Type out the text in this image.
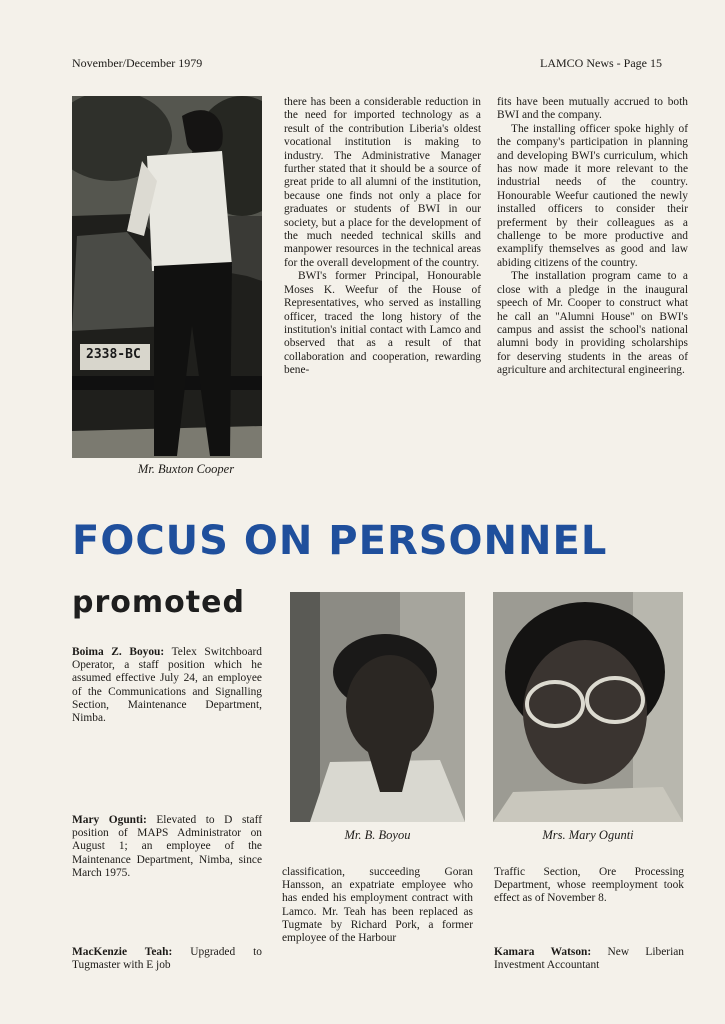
November/December 1979	LAMCO News - Page 15
2338-BC
Mr. Buxton Cooper

there has been a considerable reduction in the need for imported technology as a result of the contribution Liberia's oldest vocational institution is making to industry. The Administrative Manager further stated that it should be a source of great pride to all alumni of the institution, because one finds not only a place for graduates or students of BWI in our society, but a place for the development of the much needed technical skills and manpower resources in the technical areas for the overall development of the country.

BWI's former Principal, Honourable Moses K. Weefur of the House of Representatives, who served as installing officer, traced the long history of the institution's initial contact with Lamco and observed that as a result of that collaboration and cooperation, rewarding bene-

fits have been mutually accrued to both BWI and the company.

The installing officer spoke highly of the company's participation in planning and developing BWI's curriculum, which has now made it more relevant to the industrial needs of the country. Honourable Weefur cautioned the newly installed officers to consider their preferment by their colleagues as a challenge to be more productive and examplify themselves as good and law abiding citizens of the country.

The installation program came to a close with a pledge in the inaugural speech of Mr. Cooper to construct what he call an ''Alumni House'' on BWI's campus and assist the school's national alumni body in providing scholarships for deserving students in the areas of agriculture and architectural engineering.

FOCUS ON PERSONNEL
promoted
Boima Z. Boyou: Telex Switchboard Operator, a staff position which he assumed effective July 24, an employee of the Communications and Signalling Section, Maintenance Department, Nimba.
Mary Ogunti: Elevated to D staff position of MAPS Administrator on August 1; an employee of the Maintenance Department, Nimba, since March 1975.
MacKenzie Teah: Upgraded to Tugmaster with E job
Mr. B. Boyou	Mrs. Mary Ogunti
classification, succeeding Goran Hansson, an expatriate employee who has ended his employment contract with Lamco. Mr. Teah has been replaced as Tugmate by Richard Pork, a former employee of the Harbour
Traffic Section, Ore Processing Department, whose reemployment took effect as of November 8.
Kamara Watson: New Liberian Investment Accountant
